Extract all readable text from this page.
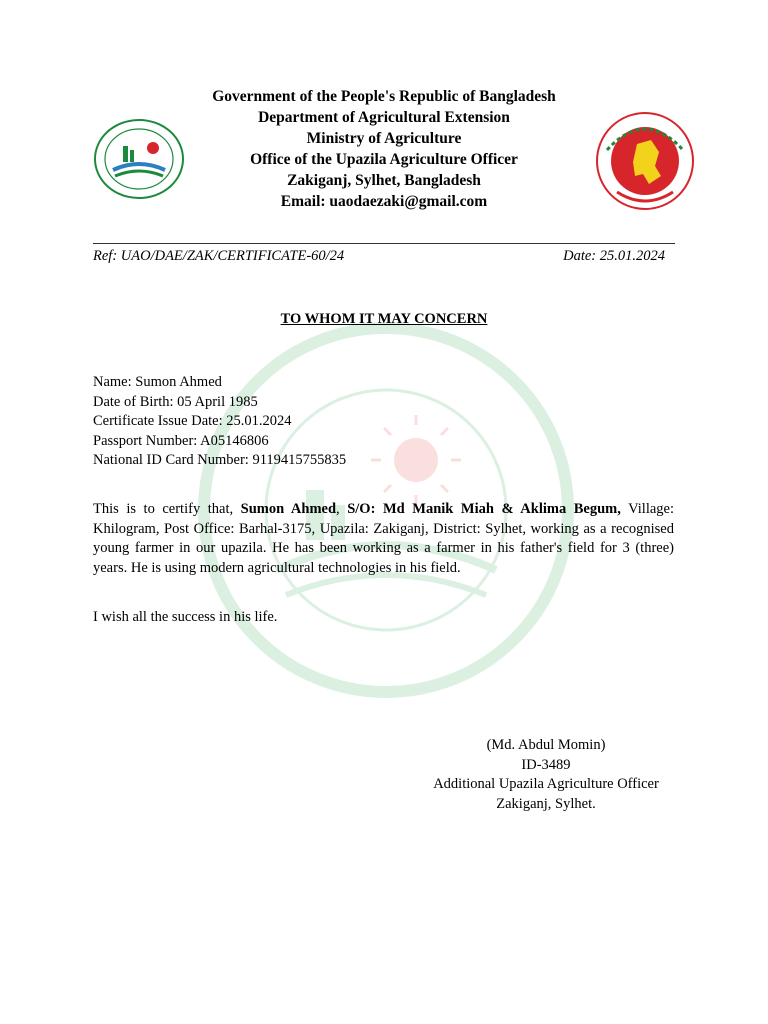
Government of the People's Republic of Bangladesh
Department of Agricultural Extension
Ministry of Agriculture
Office of the Upazila Agriculture Officer
Zakiganj, Sylhet, Bangladesh
Email: uaodaezaki@gmail.com
Ref: UAO/DAE/ZAK/CERTIFICATE-60/24	Date: 25.01.2024
TO WHOM IT MAY CONCERN
Name: Sumon Ahmed
Date of Birth: 05 April 1985
Certificate Issue Date: 25.01.2024
Passport Number: A05146806
National ID Card Number: 9119415755835
This is to certify that, Sumon Ahmed, S/O: Md Manik Miah & Aklima Begum, Village: Khilogram, Post Office: Barhal-3175, Upazila: Zakiganj, District: Sylhet, working as a recognised young farmer in our upazila. He has been working as a farmer in his father's field for 3 (three) years. He is using modern agricultural technologies in his field.
I wish all the success in his life.
(Md. Abdul Momin)
ID-3489
Additional Upazila Agriculture Officer
Zakiganj, Sylhet.
